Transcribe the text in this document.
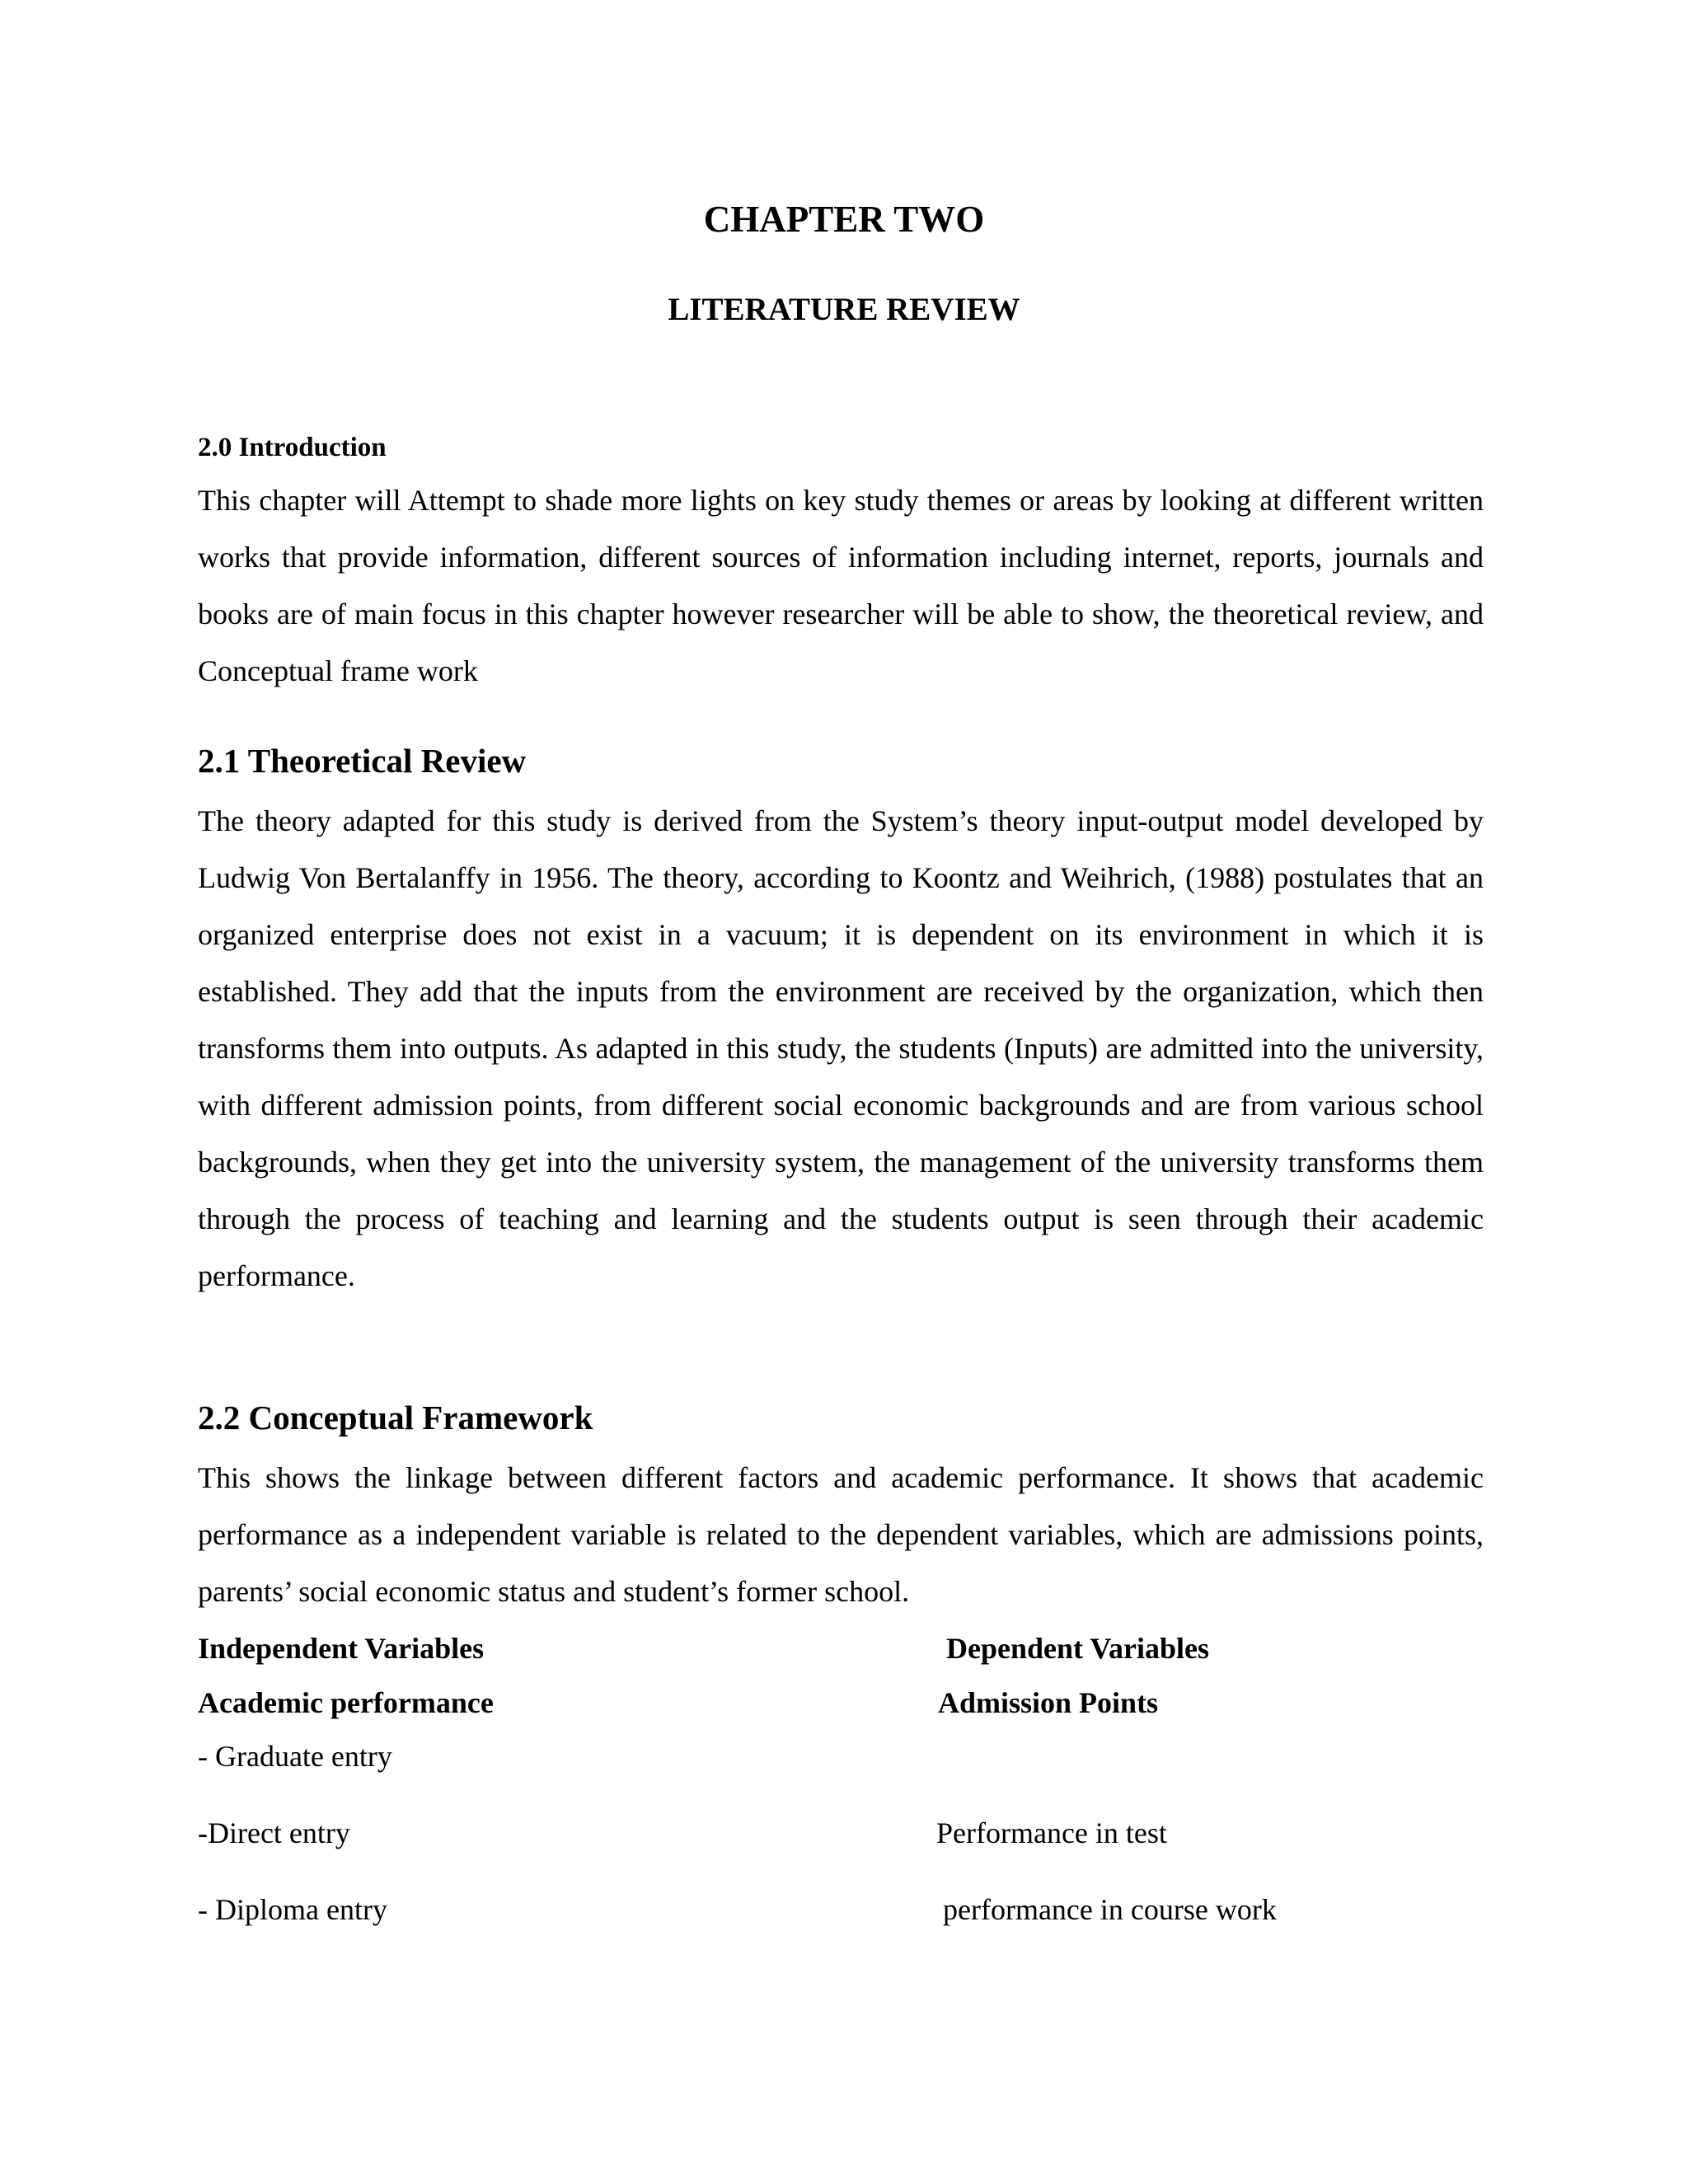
CHAPTER TWO
LITERATURE REVIEW
2.0 Introduction

This chapter will Attempt to shade more lights on key study themes or areas by looking at different written works that provide information, different sources of information including internet, reports, journals and books are of main focus in this chapter however researcher will be able to show, the theoretical review, and Conceptual frame work

2.1 Theoretical Review

The theory adapted for this study is derived from the System’s theory input-output model developed by Ludwig Von Bertalanffy in 1956. The theory, according to Koontz and Weihrich, (1988) postulates that an organized enterprise does not exist in a vacuum; it is dependent on its environment in which it is established. They add that the inputs from the environment are received by the organization, which then transforms them into outputs. As adapted in this study, the students (Inputs) are admitted into the university, with different admission points, from different social economic backgrounds and are from various school backgrounds, when they get into the university system, the management of the university transforms them through the process of teaching and learning and the students output is seen through their academic performance.

2.2 Conceptual Framework

This shows the linkage between different factors and academic performance. It shows that academic performance as a independent variable is related to the dependent variables, which are admissions points, parents’ social economic status and student’s former school.

Independent Variables	Dependent Variables
Academic performance	Admission Points
- Graduate entry
-Direct entry	Performance in test
- Diploma entry	performance in course work
